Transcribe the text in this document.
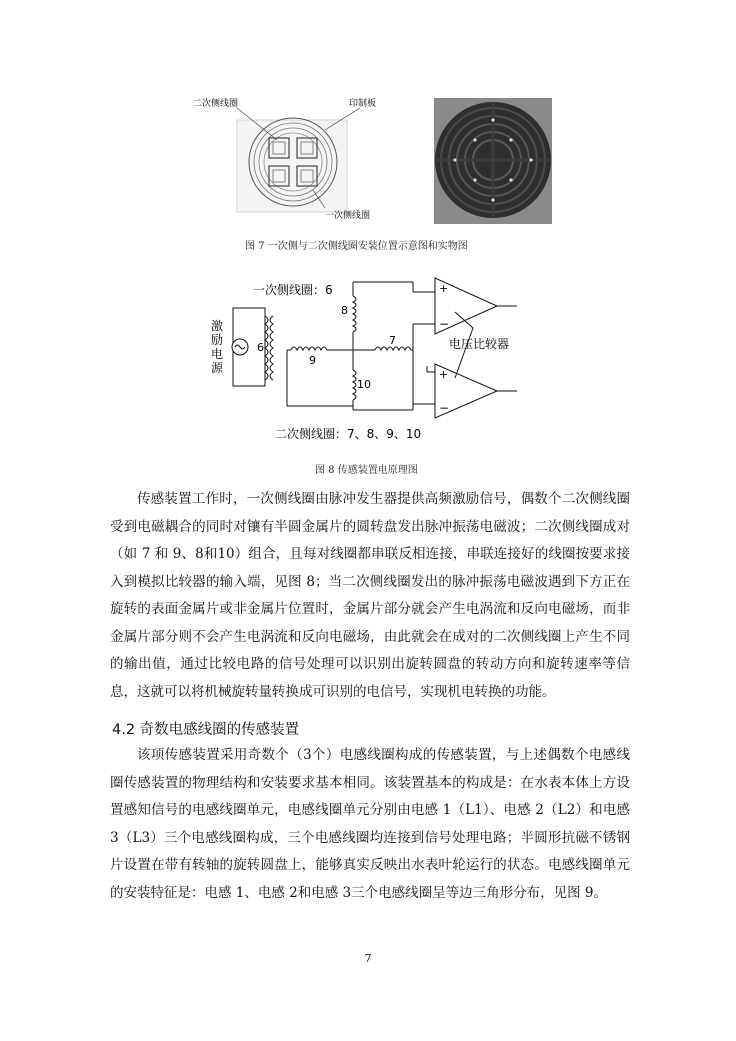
二次侧线圈	印制板
一次侧线圈
图 7 一次侧与二次侧线圈安装位置示意图和实物图
+
−
+
−
一次侧线圈：6
激
励
电
源
6
8
9
7
10
电压比较器
二次侧线圈：7、8、9、10
图 8 传感装置电原理图

传感装置工作时，一次侧线圈由脉冲发生器提供高频激励信号，偶数个二次侧线圈受到电磁耦合的同时对镶有半圆金属片的圆转盘发出脉冲振荡电磁波；二次侧线圈成对（如 7 和 9、8和10）组合，且每对线圈都串联反相连接，串联连接好的线圈按要求接入到模拟比较器的输入端，见图 8；当二次侧线圈发出的脉冲振荡电磁波遇到下方正在旋转的表面金属片或非金属片位置时，金属片部分就会产生电涡流和反向电磁场，而非金属片部分则不会产生电涡流和反向电磁场，由此就会在成对的二次侧线圈上产生不同的输出值，通过比较电路的信号处理可以识别出旋转圆盘的转动方向和旋转速率等信息，这就可以将机械旋转量转换成可识别的电信号，实现机电转换的功能。

4.2 奇数电感线圈的传感装置

该项传感装置采用奇数个（3个）电感线圈构成的传感装置，与上述偶数个电感线圈传感装置的物理结构和安装要求基本相同。该装置基本的构成是：在水表本体上方设置感知信号的电感线圈单元，电感线圈单元分别由电感 1（L1）、电感 2（L2）和电感 3（L3）三个电感线圈构成，三个电感线圈均连接到信号处理电路；半圆形抗磁不锈钢片设置在带有转轴的旋转圆盘上，能够真实反映出水表叶轮运行的状态。电感线圈单元的安装特征是：电感 1、电感 2和电感 3三个电感线圈呈等边三角形分布，见图 9。

7
